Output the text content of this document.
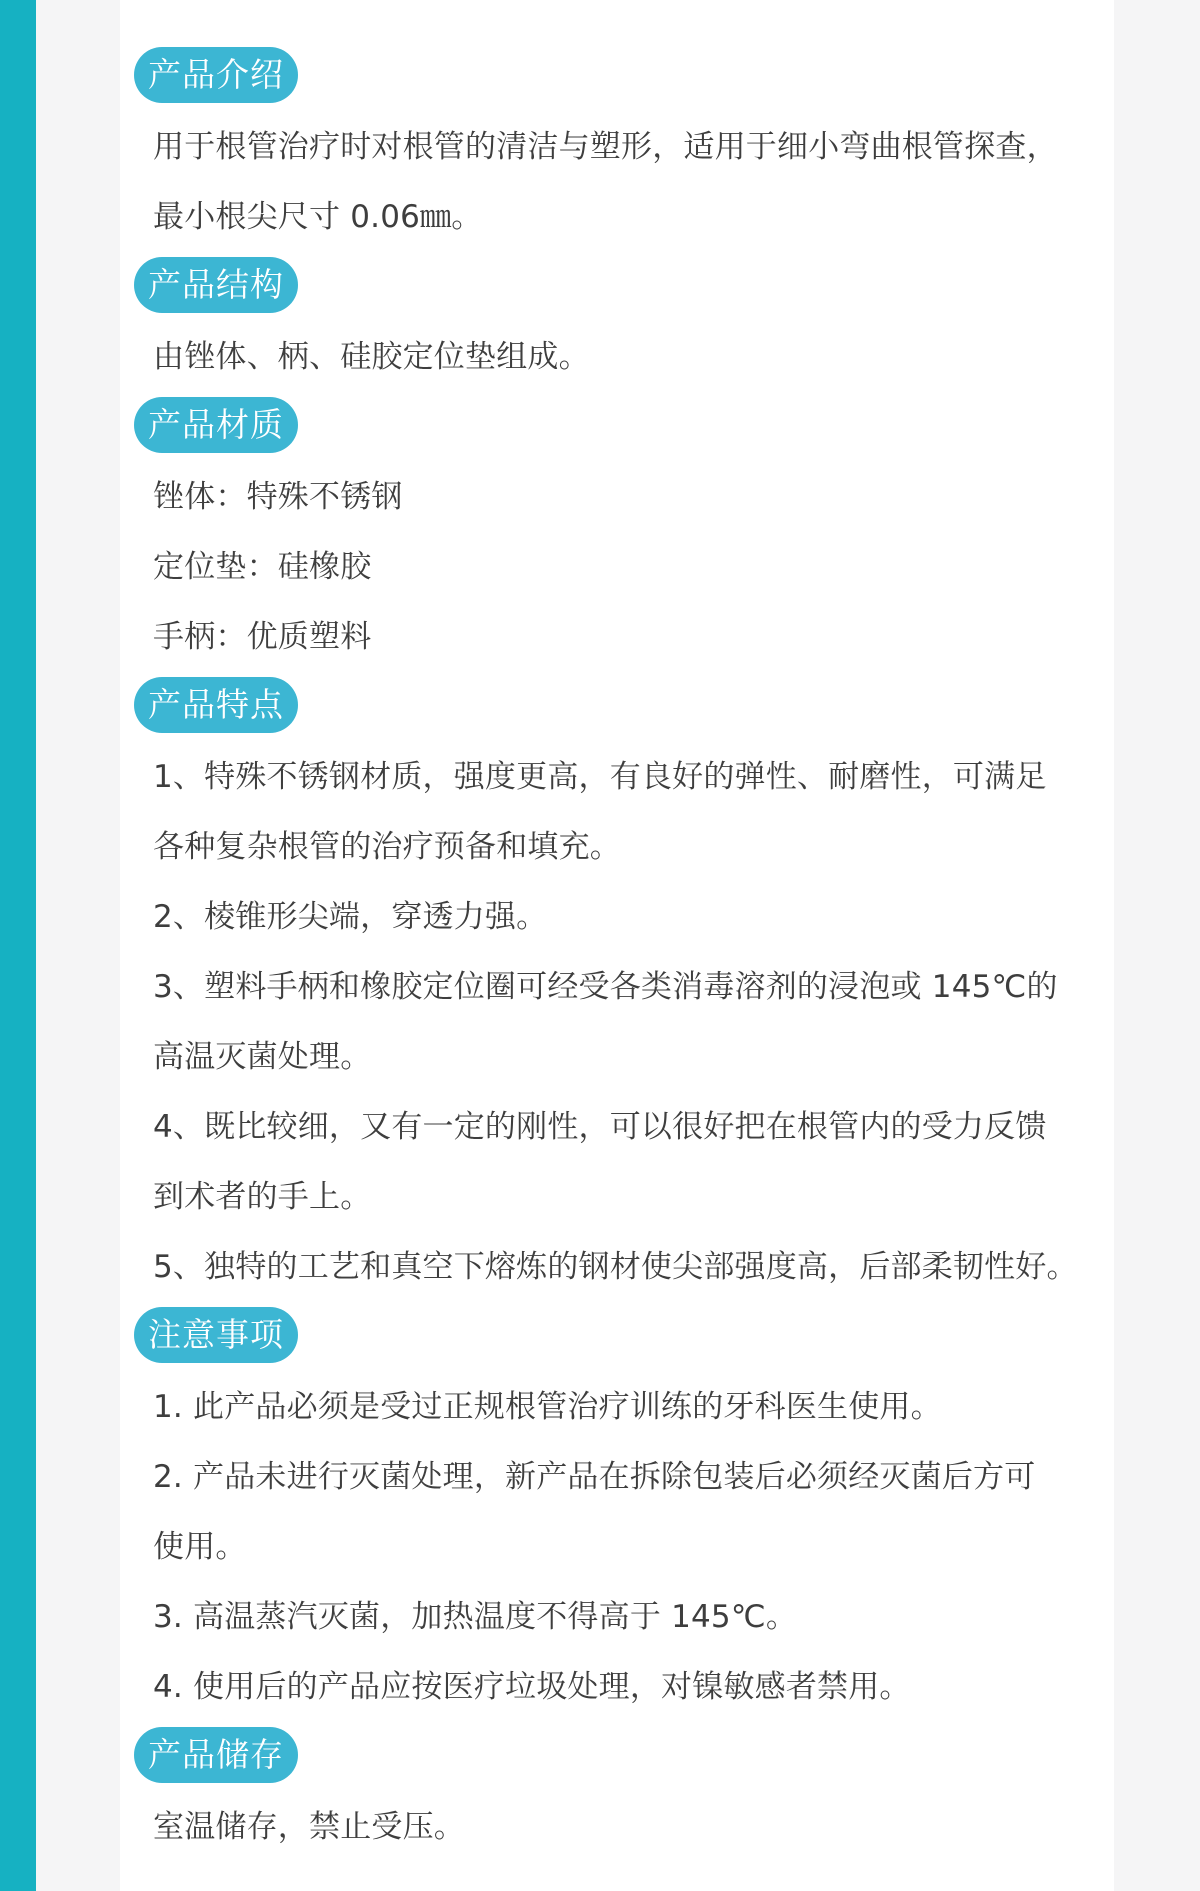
产品介绍
用于根管治疗时对根管的清洁与塑形，适用于细小弯曲根管探查，
最小根尖尺寸 0.06㎜。
产品结构
由锉体、柄、硅胶定位垫组成。
产品材质
锉体：特殊不锈钢
定位垫：硅橡胶
手柄：优质塑料
产品特点
1、特殊不锈钢材质，强度更高，有良好的弹性、耐磨性，可满足
各种复杂根管的治疗预备和填充。
2、棱锥形尖端，穿透力强。
3、塑料手柄和橡胶定位圈可经受各类消毒溶剂的浸泡或 145℃的
高温灭菌处理。
4、既比较细，又有一定的刚性，可以很好把在根管内的受力反馈
到术者的手上。
5、独特的工艺和真空下熔炼的钢材使尖部强度高，后部柔韧性好。
注意事项
1. 此产品必须是受过正规根管治疗训练的牙科医生使用。
2. 产品未进行灭菌处理，新产品在拆除包装后必须经灭菌后方可
使用。
3. 高温蒸汽灭菌，加热温度不得高于 145℃。
4. 使用后的产品应按医疗垃圾处理，对镍敏感者禁用。
产品储存
室温储存，禁止受压。
